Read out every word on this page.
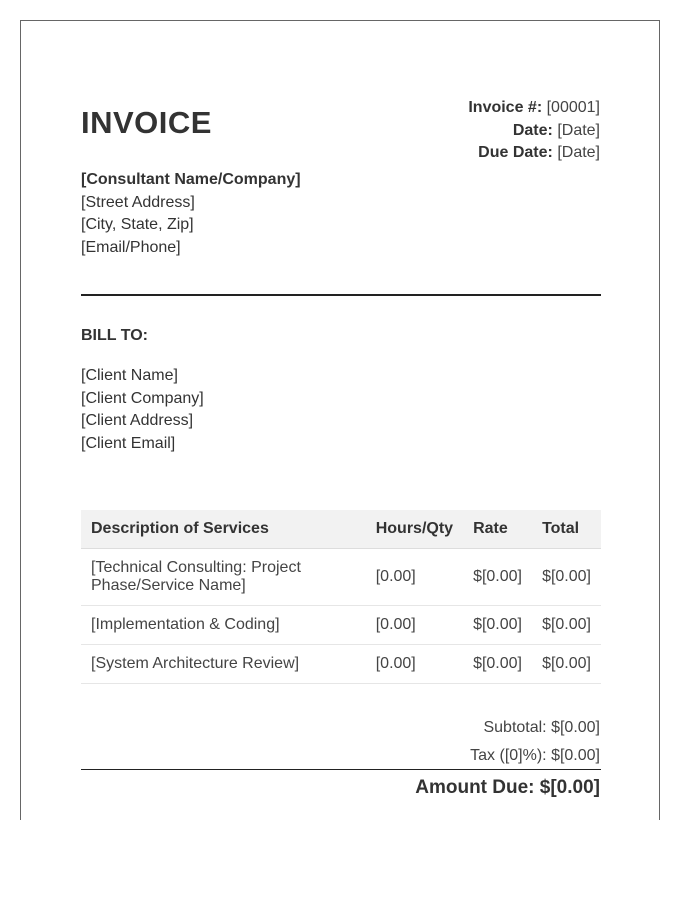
INVOICE	Invoice #: [00001]
Date: [Date]
Due Date: [Date]
[Consultant Name/Company]
[Street Address]
[City, State, Zip]
[Email/Phone]
BILL TO:
[Client Name]
[Client Company]
[Client Address]
[Client Email]
Description of Services	Hours/Qty	Rate	Total
[Technical Consulting: Project Phase/Service Name]	[0.00]	$[0.00]	$[0.00]
[Implementation & Coding]	[0.00]	$[0.00]	$[0.00]
[System Architecture Review]	[0.00]	$[0.00]	$[0.00]
Subtotal: $[0.00]
Tax ([0]%): $[0.00]
Amount Due: $[0.00]
